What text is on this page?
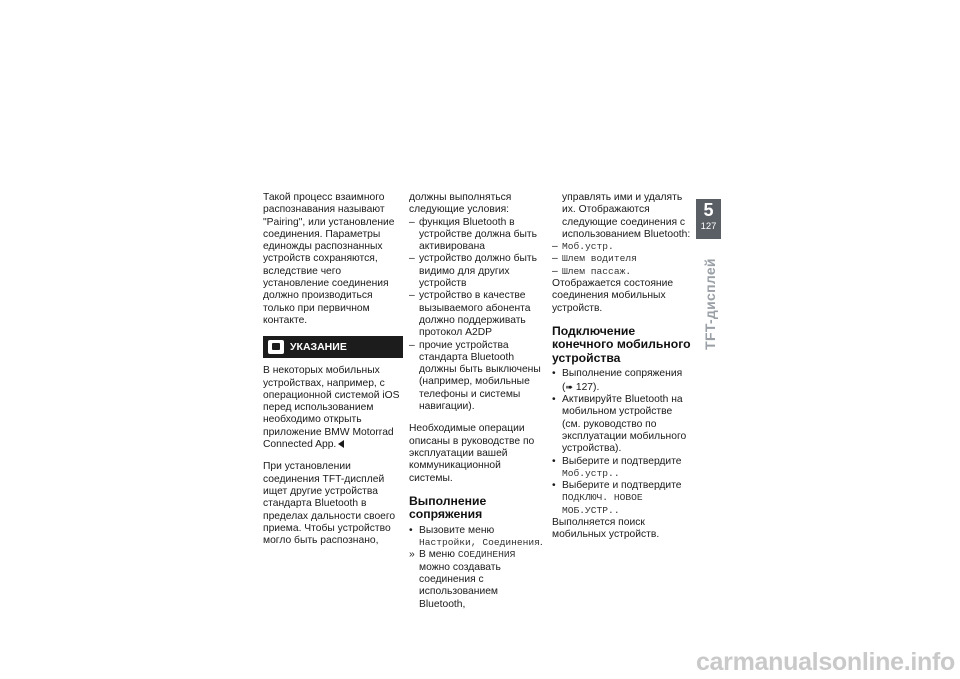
Такой процесс взаимного распознавания называют "Pairing", или установление соединения. Параметры единожды распознанных устройств сохраняются, вследствие чего установление соединения должно производиться только при первичном контакте.

УКАЗАНИЕ

В некоторых мобильных устройствах, например, с операционной системой iOS перед использованием необходимо открыть приложение BMW Motorrad Connected App.

При установлении соединения TFT-дисплей ищет другие устройства стандарта Bluetooth в пределах дальности своего приема. Чтобы устройство могло быть распознано,

должны выполняться следующие условия:

– функция Bluetooth в устройстве должна быть активирована
– устройство должно быть видимо для других устройств
– устройство в качестве вызываемого абонента должно поддерживать протокол A2DP
– прочие устройства стандарта Bluetooth должны быть выключены (например, мобильные телефоны и системы навигации).

Необходимые операции описаны в руководстве по эксплуатации вашей коммуникационной системы.

Выполнение сопряжения
• Вызовите меню Настройки, Соединения.
» В меню СОЕДИНЕНИЯ можно создавать соединения с использованием Bluetooth,

управлять ими и удалять их. Отображаются следующие соединения с использованием Bluetooth:

– Моб.устр.
– Шлем водителя
– Шлем пассаж.

Отображается состояние соединения мобильных устройств.

Подключение конечного мобильного устройства
• Выполнение сопряжения (➠ 127).
• Активируйте Bluetooth на мобильном устройстве (см. руководство по эксплуатации мобильного устройства).
• Выберите и подтвердите
Моб.устр..
• Выберите и подтвердите
ПОДКЛЮЧ. НОВОЕ МОБ.УСТР..

Выполняется поиск мобильных устройств.

5
127
TFT-дисплей
carmanualsonline.info
